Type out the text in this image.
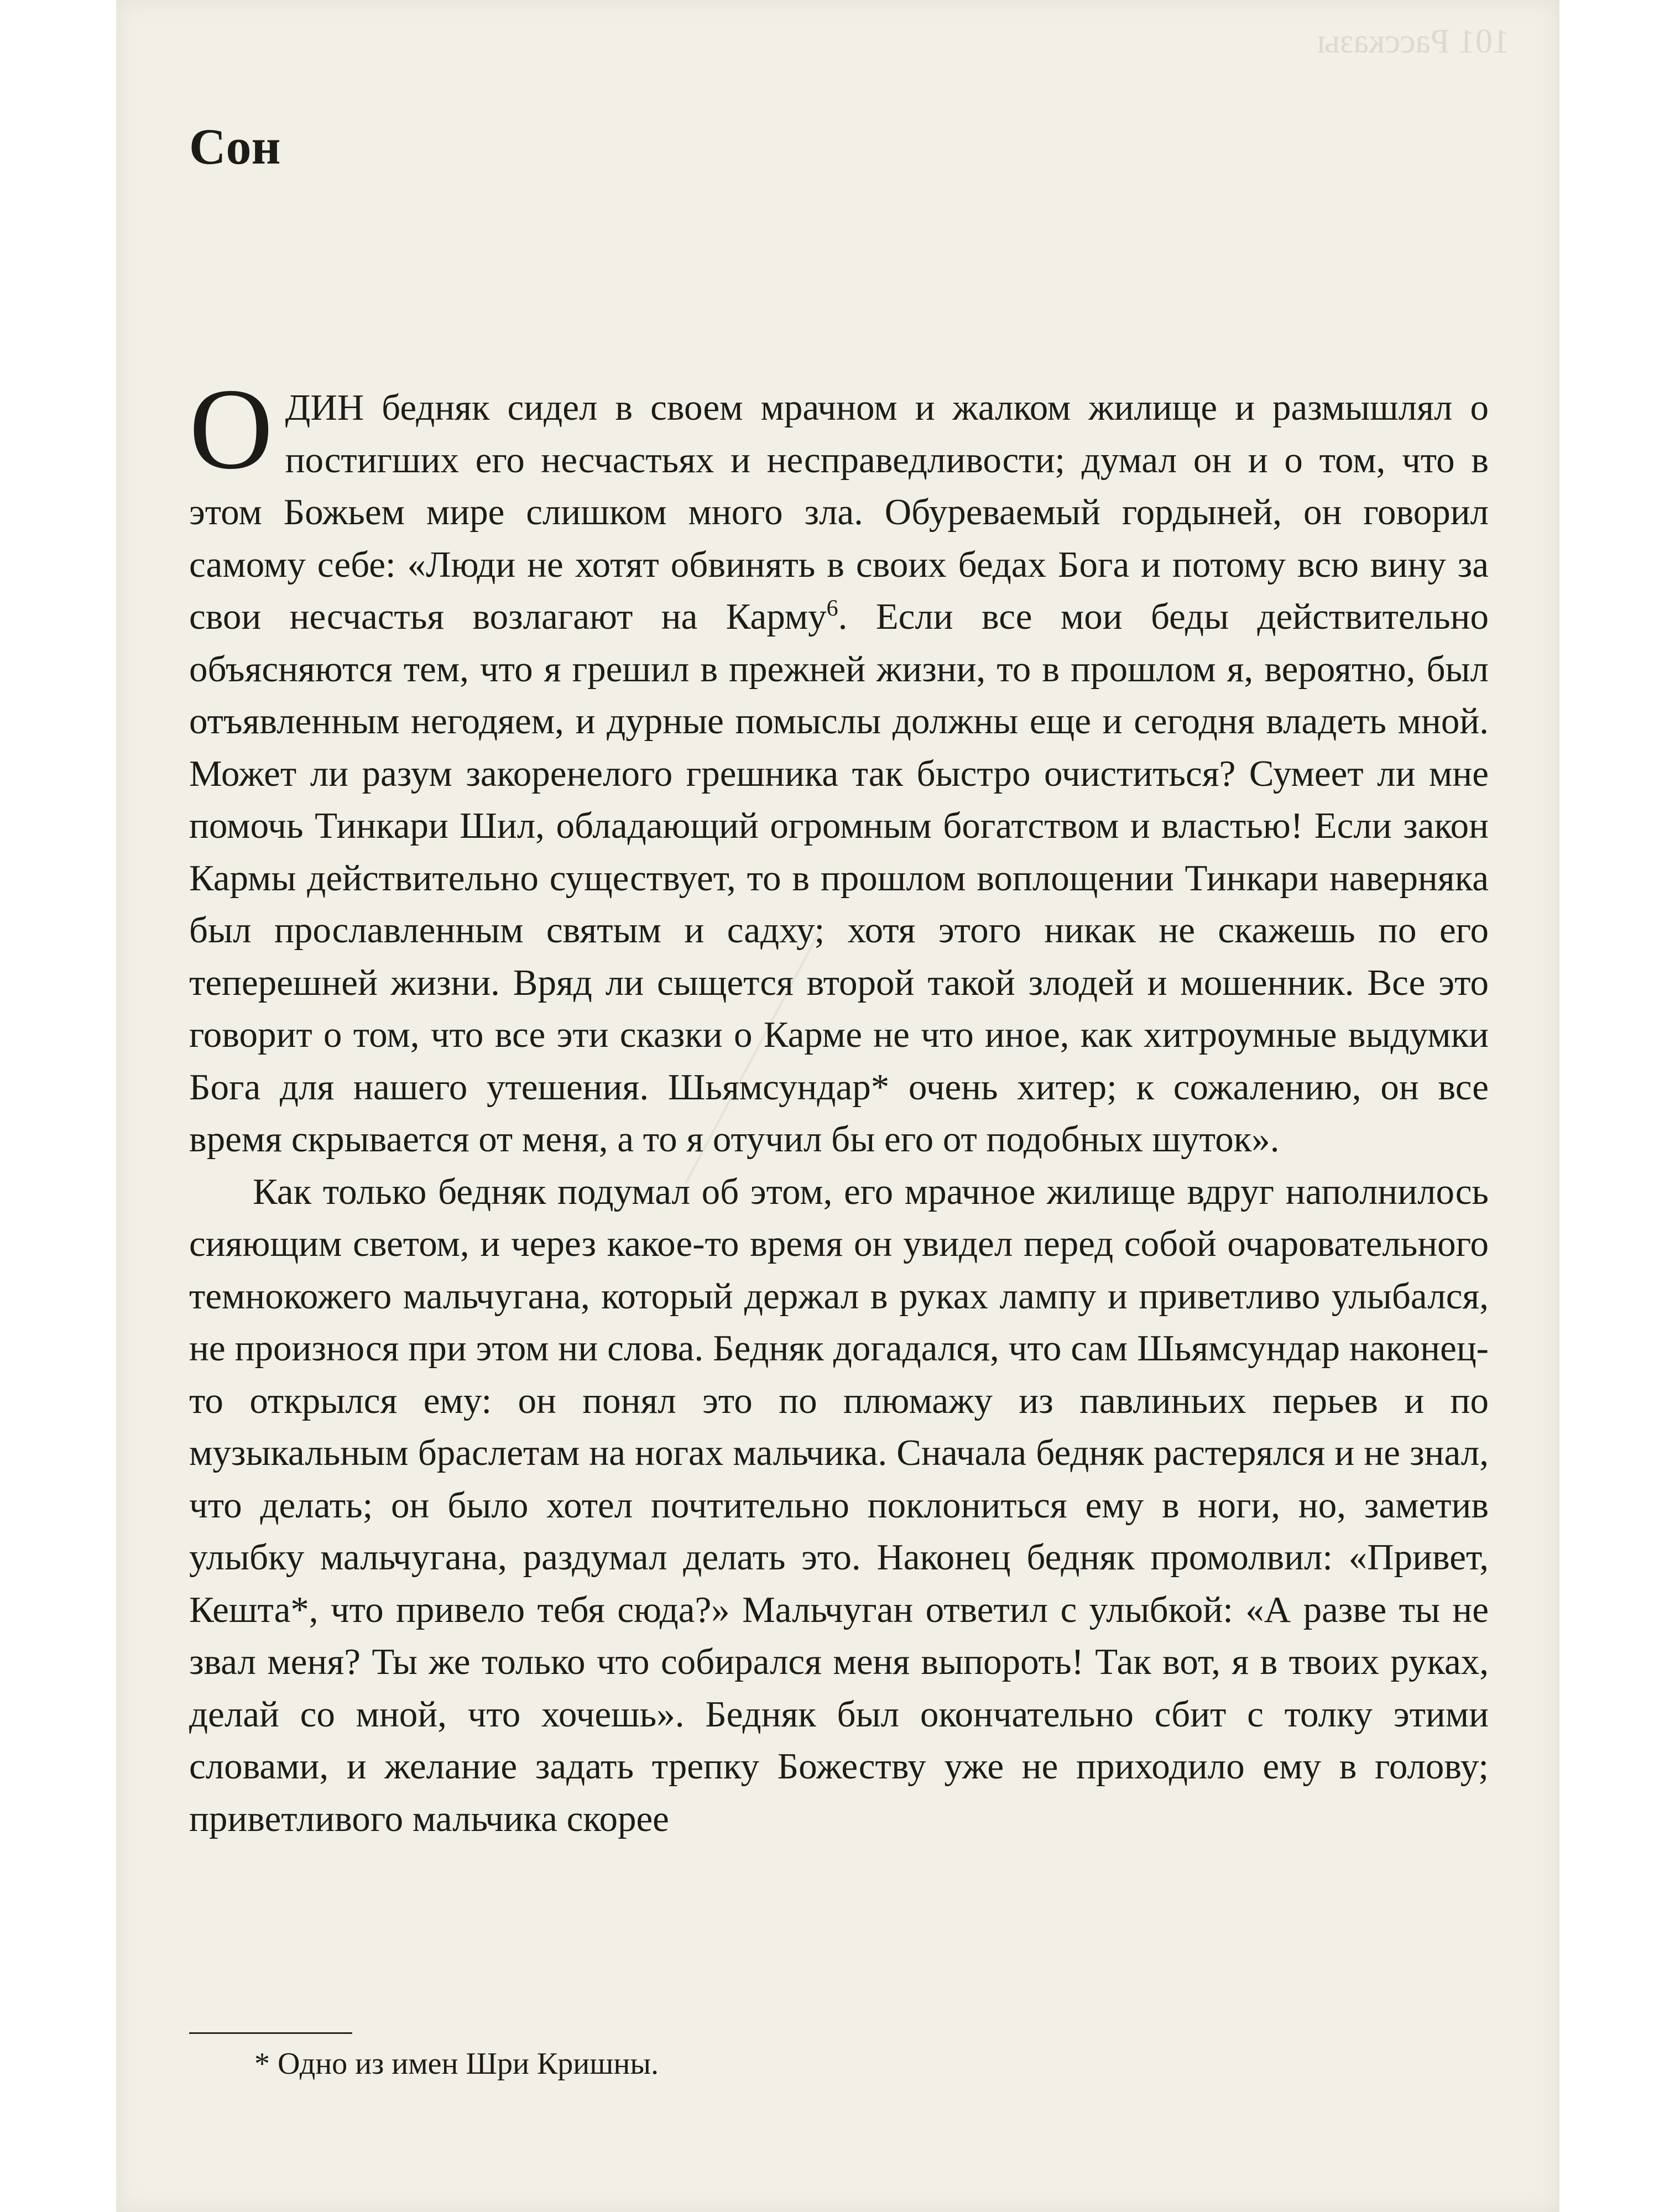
101 Рассказы
Сон

ОДИН бедняк сидел в своем мрачном и жалком жилище и размышлял о постигших его несчастьях и несправедливости; думал он и о том, что в этом Божьем мире слишком много зла. Обуреваемый гордыней, он говорил самому себе: «Люди не хотят обвинять в своих бедах Бога и потому всю вину за свои несчастья возлагают на Карму$^6$. Если все мои беды действительно объясняются тем, что я грешил в прежней жизни, то в прошлом я, вероятно, был отъявленным негодяем, и дурные помыслы должны еще и сегодня владеть мной. Может ли разум закоренелого грешника так быстро очиститься? Сумеет ли мне помочь Тинкари Шил, обладающий огромным богатством и властью! Если закон Кармы действительно существует, то в прошлом воплощении Тинкари наверняка был прославленным святым и садху; хотя этого никак не скажешь по его теперешней жизни. Вряд ли сыщется второй такой злодей и мошенник. Все это говорит о том, что все эти сказки о Карме не что иное, как хитроумные выдумки Бога для нашего утешения. Шьямсундар* очень хитер; к сожалению, он все время скрывается от меня, а то я отучил бы его от подобных шуток».

Как только бедняк подумал об этом, его мрачное жилище вдруг наполнилось сияющим светом, и через какое-то время он увидел перед собой очаровательного темнокожего мальчугана, который держал в руках лампу и приветливо улыбался, не произнося при этом ни слова. Бедняк догадался, что сам Шьямсундар наконец-то открылся ему: он понял это по плюмажу из павлиньих перьев и по музыкальным браслетам на ногах мальчика. Сначала бедняк растерялся и не знал, что делать; он было хотел почтительно поклониться ему в ноги, но, заметив улыбку мальчугана, раздумал делать это. Наконец бедняк промолвил: «Привет, Кешта*, что привело тебя сюда?» Мальчуган ответил с улыбкой: «А разве ты не звал меня? Ты же только что собирался меня выпороть! Так вот, я в твоих руках, делай со мной, что хочешь». Бедняк был окончательно сбит с толку этими словами, и желание задать трепку Божеству уже не приходило ему в голову; приветливого мальчика скорее

* Одно из имен Шри Кришны.
